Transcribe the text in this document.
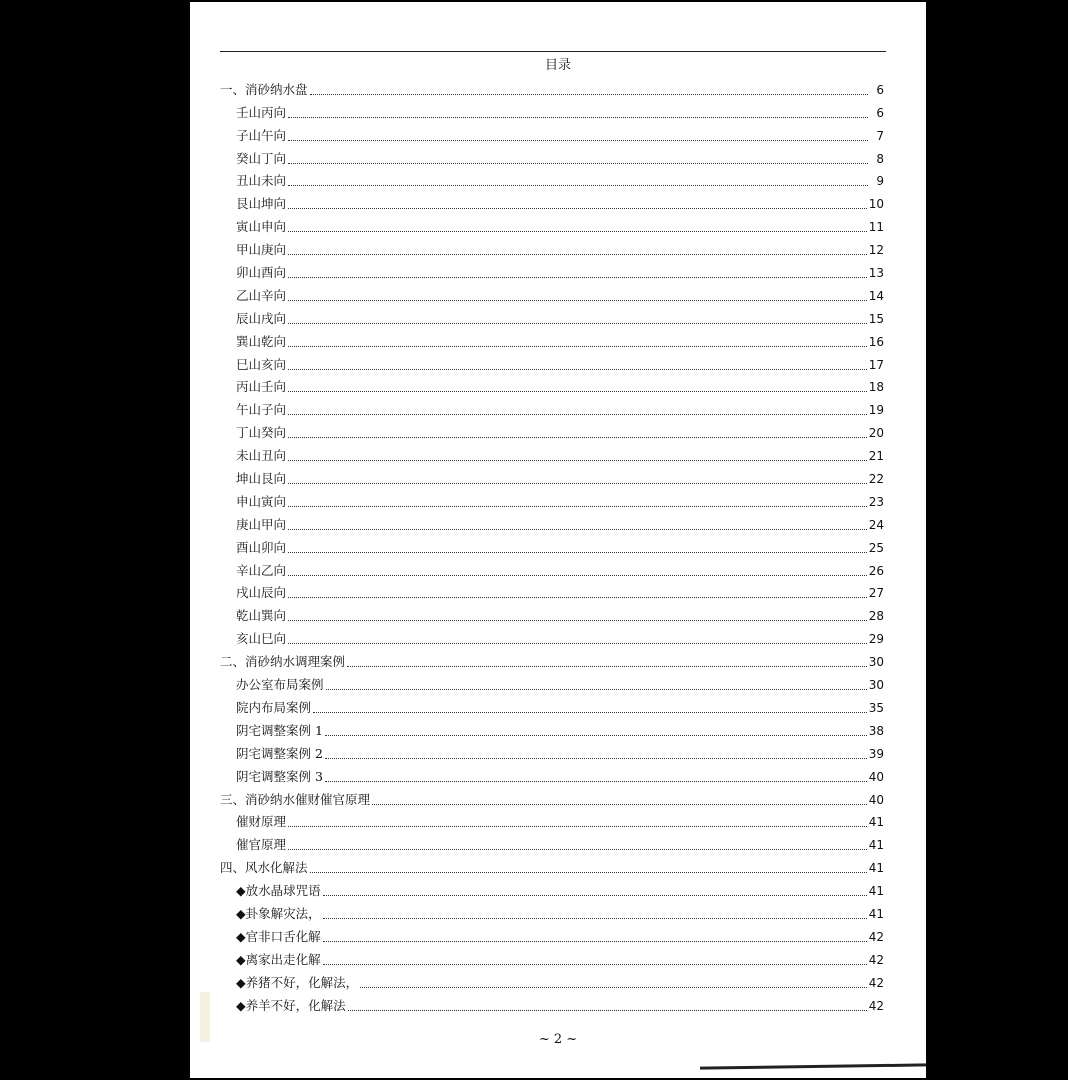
目录
一、消砂纳水盘	6
壬山丙向	6
子山午向	7
癸山丁向	8
丑山未向	9
艮山坤向	10
寅山申向	11
甲山庚向	12
卯山酉向	13
乙山辛向	14
辰山戌向	15
巽山乾向	16
巳山亥向	17
丙山壬向	18
午山子向	19
丁山癸向	20
未山丑向	21
坤山艮向	22
申山寅向	23
庚山甲向	24
酉山卯向	25
辛山乙向	26
戌山辰向	27
乾山巽向	28
亥山巳向	29
二、消砂纳水调理案例	30
办公室布局案例	30
院内布局案例	35
阴宅调整案例 1	38
阴宅调整案例 2	39
阴宅调整案例 3	40
三、消砂纳水催财催官原理	40
催财原理	41
催官原理	41
四、风水化解法	41
◆放水晶球咒语	41
◆卦象解灾法，	41
◆官非口舌化解	42
◆离家出走化解	42
◆养猪不好，化解法，	42
◆养羊不好，化解法	42
~ 2 ~
